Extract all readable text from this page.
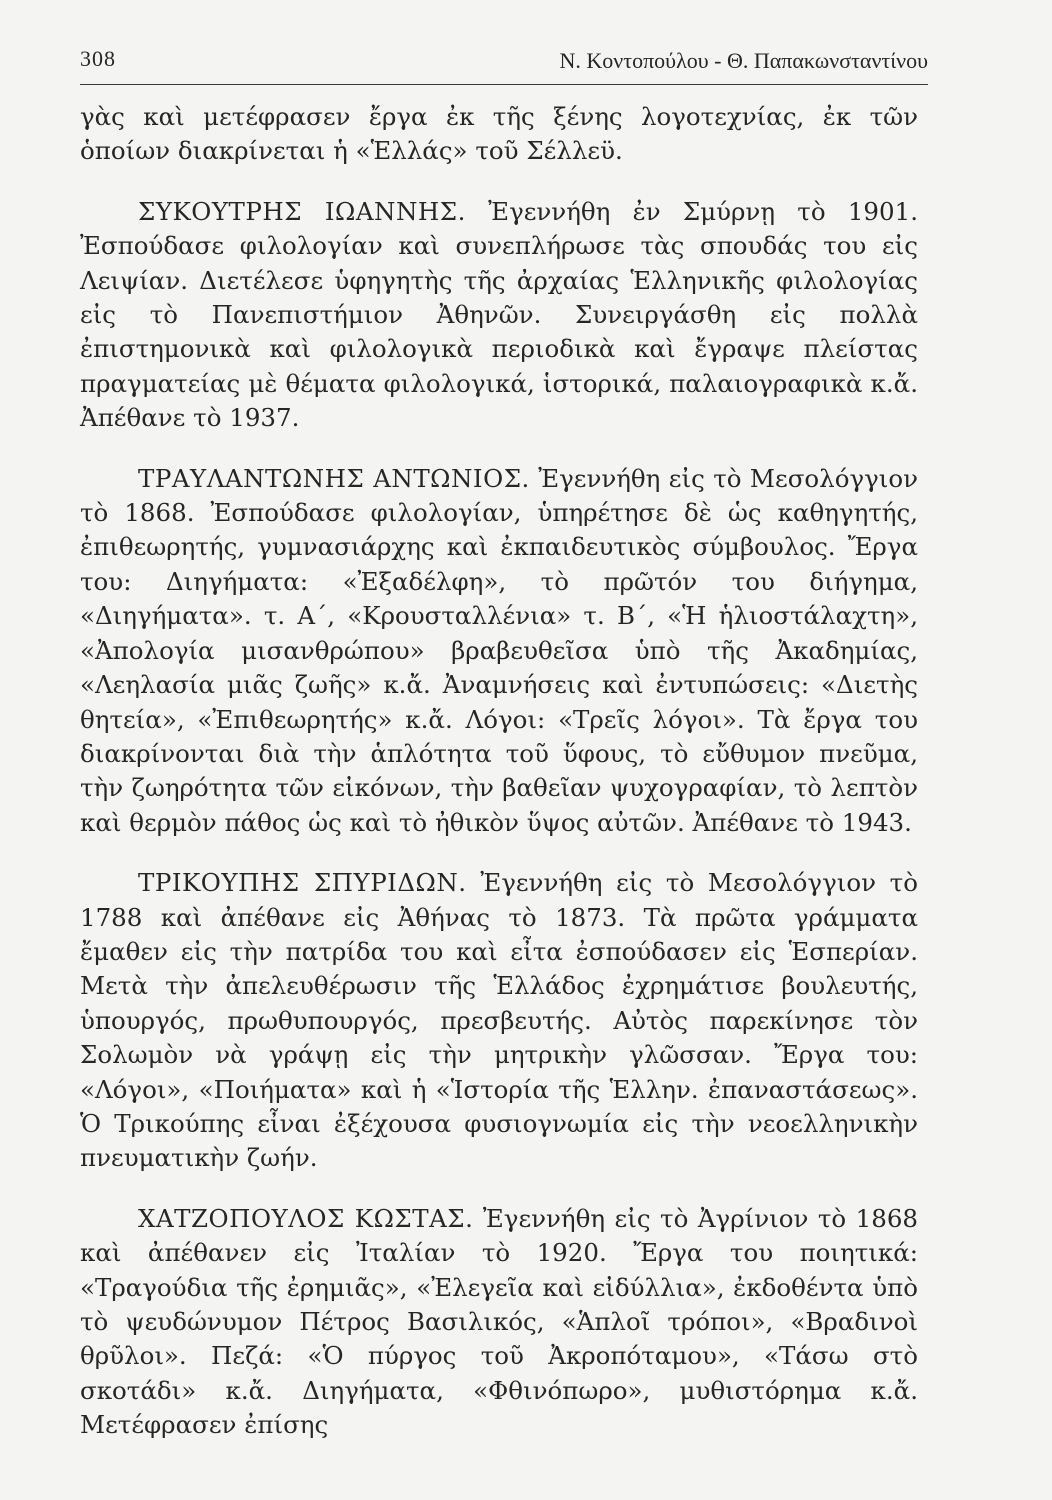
308	Ν. Κοντοπούλου - Θ. Παπακωνσταντίνου

γὰς καὶ μετέφρασεν ἔργα ἐκ τῆς ξένης λογοτεχνίας, ἐκ τῶν ὁποίων διακρίνεται ἡ «Ἑλλάς» τοῦ Σέλλεϋ.

ΣΥΚΟΥΤΡΗΣ ΙΩΑΝΝΗΣ. Ἐγεννήθη ἐν Σμύρνῃ τὸ 1901. Ἐσπούδασε φιλολογίαν καὶ συνεπλήρωσε τὰς σπουδάς του εἰς Λειψίαν. Διετέλεσε ὑφηγητὴς τῆς ἀρχαίας Ἑλληνικῆς φιλολογίας εἰς τὸ Πανεπιστήμιον Ἀθηνῶν. Συνειργάσθη εἰς πολλὰ ἐπιστημονικὰ καὶ φιλολογικὰ περιοδικὰ καὶ ἔγραψε πλείστας πραγματείας μὲ θέματα φιλολογικά, ἱστορικά, παλαιογραφικὰ κ.ἄ. Ἀπέθανε τὸ 1937.

ΤΡΑΥΛΑΝΤΩΝΗΣ ΑΝΤΩΝΙΟΣ. Ἐγεννήθη εἰς τὸ Μεσολόγγιον τὸ 1868. Ἐσπούδασε φιλολογίαν, ὑπηρέτησε δὲ ὡς καθηγητής, ἐπιθεωρητής, γυμνασιάρχης καὶ ἐκπαιδευτικὸς σύμβουλος. Ἔργα του: Διηγήματα: «Ἐξαδέλφη», τὸ πρῶτόν του διήγημα, «Διηγήματα». τ. Α΄, «Κρουσταλλένια» τ. Β΄, «Ἡ ἡλιοστάλαχτη», «Ἀπολογία μισανθρώπου» βραβευθεῖσα ὑπὸ τῆς Ἀκαδημίας, «Λεηλασία μιᾶς ζωῆς» κ.ἄ. Ἀναμνήσεις καὶ ἐντυπώσεις: «Διετὴς θητεία», «Ἐπιθεωρητής» κ.ἄ. Λόγοι: «Τρεῖς λόγοι». Τὰ ἔργα του διακρίνονται διὰ τὴν ἁπλότητα τοῦ ὕφους, τὸ εὔθυμον πνεῦμα, τὴν ζωηρότητα τῶν εἰκόνων, τὴν βαθεῖαν ψυχογραφίαν, τὸ λεπτὸν καὶ θερμὸν πάθος ὡς καὶ τὸ ἠθικὸν ὕψος αὐτῶν. Ἀπέθανε τὸ 1943.

ΤΡΙΚΟΥΠΗΣ ΣΠΥΡΙΔΩΝ. Ἐγεννήθη εἰς τὸ Μεσολόγγιον τὸ 1788 καὶ ἀπέθανε εἰς Ἀθήνας τὸ 1873. Τὰ πρῶτα γράμματα ἔμαθεν εἰς τὴν πατρίδα του καὶ εἶτα ἐσπούδασεν εἰς Ἑσπερίαν. Μετὰ τὴν ἀπελευθέρωσιν τῆς Ἑλλάδος ἐχρημάτισε βουλευτής, ὑπουργός, πρωθυπουργός, πρεσβευτής. Αὐτὸς παρεκίνησε τὸν Σολωμὸν νὰ γράψῃ εἰς τὴν μητρικὴν γλῶσσαν. Ἔργα του: «Λόγοι», «Ποιήματα» καὶ ἡ «Ἱστορία τῆς Ἑλλην. ἐπαναστάσεως». Ὁ Τρικούπης εἶναι ἐξέχουσα φυσιογνωμία εἰς τὴν νεοελληνικὴν πνευματικὴν ζωήν.

ΧΑΤΖΟΠΟΥΛΟΣ ΚΩΣΤΑΣ. Ἐγεννήθη εἰς τὸ Ἀγρίνιον τὸ 1868 καὶ ἀπέθανεν εἰς Ἰταλίαν τὸ 1920. Ἔργα του ποιητικά: «Τραγούδια τῆς ἐρημιᾶς», «Ἐλεγεῖα καὶ εἰδύλλια», ἐκδοθέντα ὑπὸ τὸ ψευδώνυμον Πέτρος Βασιλικός, «Ἁπλοῖ τρόποι», «Βραδινοὶ θρῦλοι». Πεζά: «Ὁ πύργος τοῦ Ἀκροπόταμου», «Τάσω στὸ σκοτάδι» κ.ἄ. Διηγήματα, «Φθινόπωρο», μυθιστόρημα κ.ἄ. Μετέφρασεν ἐπίσης
